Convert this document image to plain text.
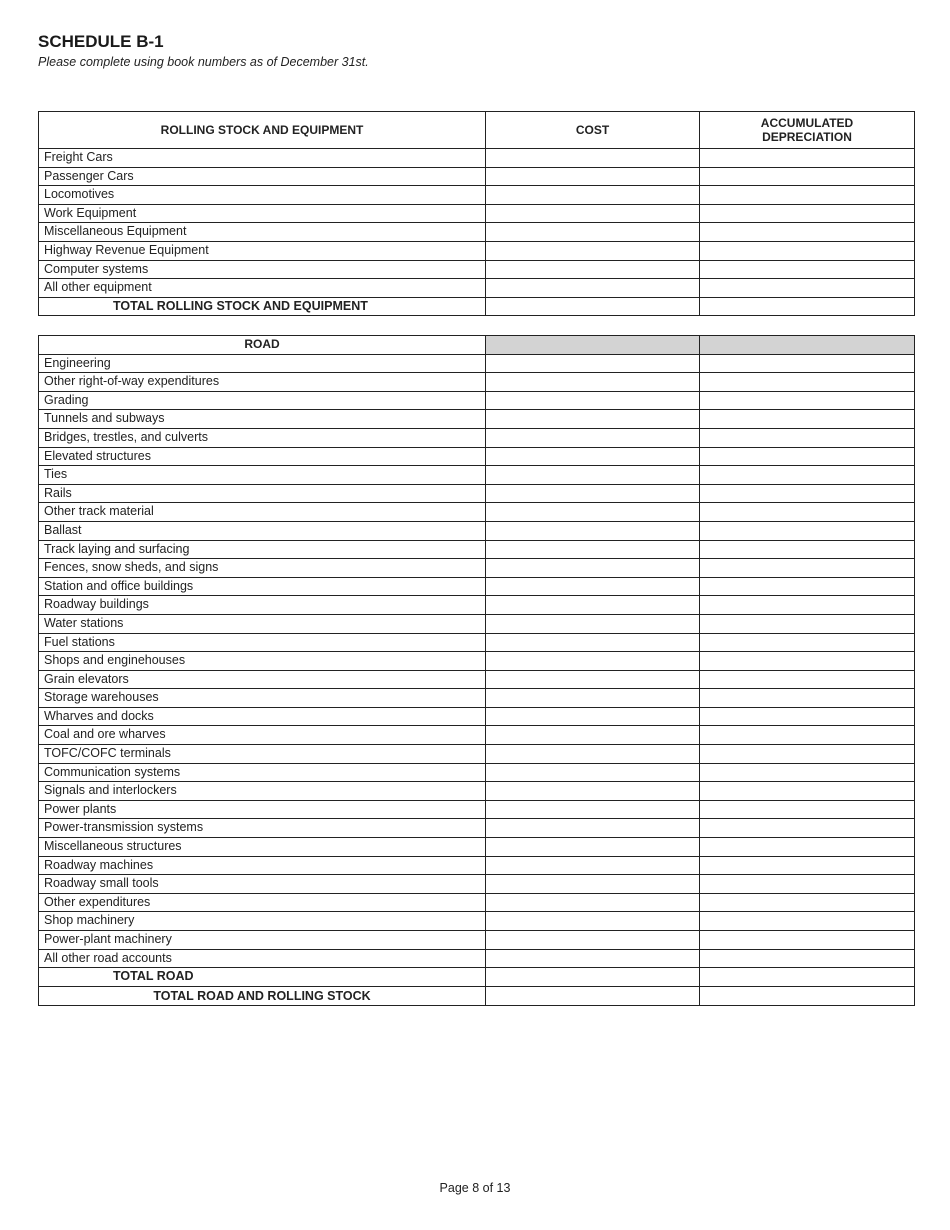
SCHEDULE B-1
Please complete using book numbers as of December 31st.
ROLLING STOCK AND EQUIPMENT	COST	ACCUMULATED
DEPRECIATION
Freight Cars		
Passenger Cars		
Locomotives		
Work Equipment		
Miscellaneous Equipment		
Highway Revenue Equipment		
Computer systems		
All other equipment		
TOTAL ROLLING STOCK AND EQUIPMENT		
ROAD		
Engineering		
Other right-of-way expenditures		
Grading		
Tunnels and subways		
Bridges, trestles, and culverts		
Elevated structures		
Ties		
Rails		
Other track material		
Ballast		
Track laying and surfacing		
Fences, snow sheds, and signs		
Station and office buildings		
Roadway buildings		
Water stations		
Fuel stations		
Shops and enginehouses		
Grain elevators		
Storage warehouses		
Wharves and docks		
Coal and ore wharves		
TOFC/COFC terminals		
Communication systems		
Signals and interlockers		
Power plants		
Power-transmission systems		
Miscellaneous structures		
Roadway machines		
Roadway small tools		
Other expenditures		
Shop machinery		
Power-plant machinery		
All other road accounts		
TOTAL ROAD		
TOTAL ROAD AND ROLLING STOCK		
Page 8 of 13
